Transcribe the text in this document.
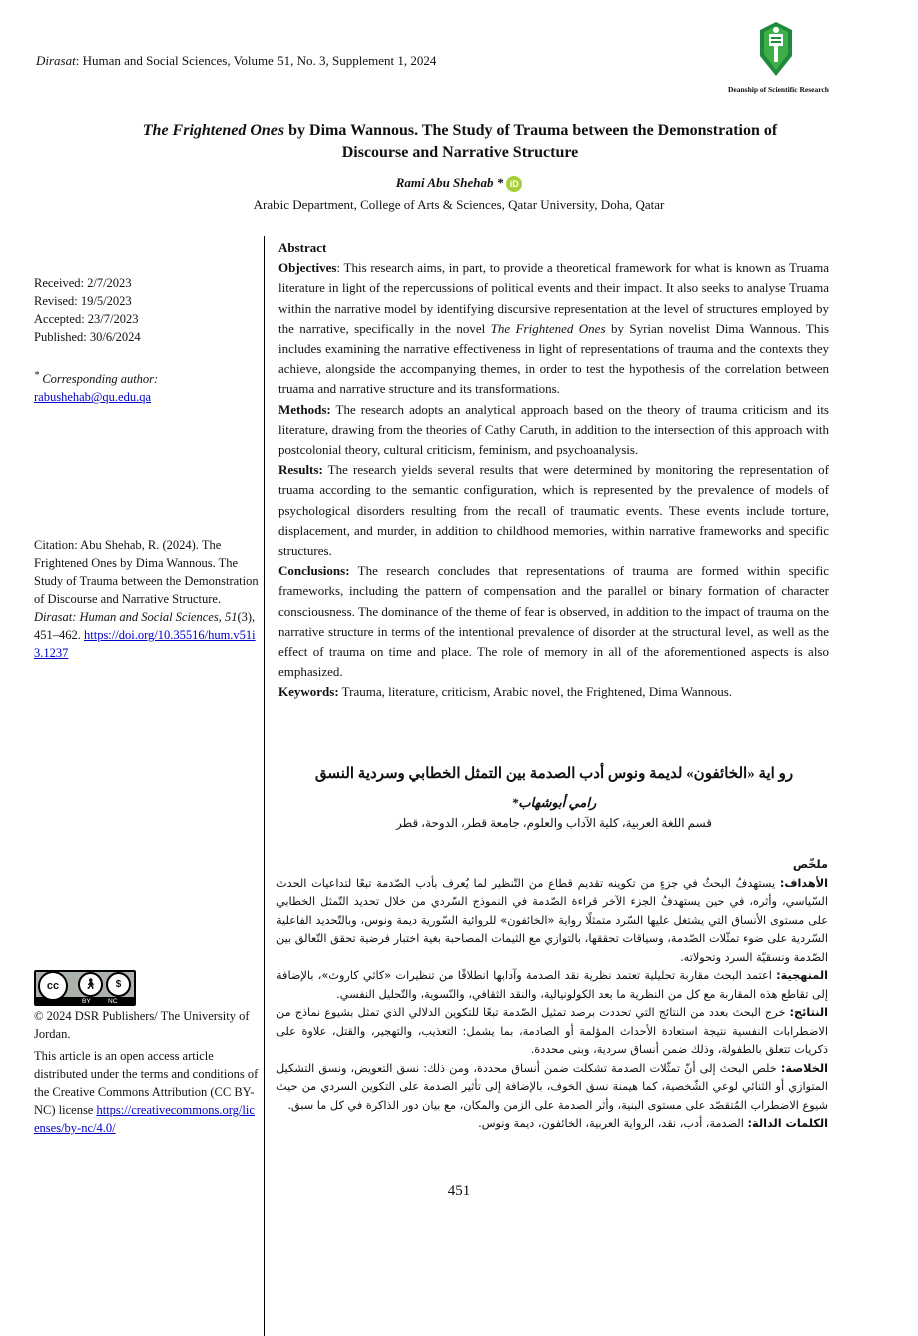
Dirasat: Human and Social Sciences, Volume 51, No. 3, Supplement 1, 2024
Deanship of Scientific Research
The Frightened Ones by Dima Wannous. The Study of Trauma between the Demonstration of
Discourse and Narrative Structure
Rami Abu Shehab * iD
Arabic Department, College of Arts & Sciences, Qatar University, Doha, Qatar
Received: 2/7/2023
Revised: 19/5/2023
Accepted: 23/7/2023
Published: 30/6/2024
* Corresponding author:
rabushehab@qu.edu.qa
Citation: Abu Shehab, R. (2024). The Frightened Ones by Dima Wannous. The Study of Trauma between the Demonstration of Discourse and Narrative Structure. Dirasat: Human and Social Sciences, 51(3), 451–462. https://doi.org/10.35516/hum.v51i3.1237
cc	🚶︎	$
BY	NC
© 2024 DSR Publishers/ The University of Jordan.
This article is an open access article distributed under the terms and conditions of the Creative Commons Attribution (CC BY-NC) license https://creativecommons.org/licenses/by-nc/4.0/
Abstract
Objectives: This research aims, in part, to provide a theoretical framework for what is known as Truama literature in light of the repercussions of political events and their impact. It also seeks to analyse Truama within the narrative model by identifying discursive representation at the level of structures employed by the narrative, specifically in the novel The Frightened Ones by Syrian novelist Dima Wannous. This includes examining the narrative effectiveness in light of representations of trauma and the contexts they achieve, alongside the accompanying themes, in order to test the hypothesis of the correlation between truama and narrative structure and its transformations.
Methods: The research adopts an analytical approach based on the theory of trauma criticism and its literature, drawing from the theories of Cathy Caruth, in addition to the intersection of this approach with postcolonial theory, cultural criticism, feminism, and psychoanalysis.
Results: The research yields several results that were determined by monitoring the representation of truama according to the semantic configuration, which is represented by the prevalence of models of psychological disorders resulting from the recall of traumatic events. These events include torture, displacement, and murder, in addition to childhood memories, within narrative frameworks and specific structures.
Conclusions: The research concludes that representations of trauma are formed within specific frameworks, including the pattern of compensation and the parallel or binary formation of character consciousness. The dominance of the theme of fear is observed, in addition to the impact of trauma on the narrative structure in terms of the intentional prevalence of disorder at the structural level, as well as the effect of trauma on time and place. The role of memory in all of the aforementioned aspects is also emphasized.
Keywords: Trauma, literature, criticism, Arabic novel, the Frightened, Dima Wannous.
رو اية «الخائفون» لديمة ونوس أدب الصدمة بين التمثل الخطابي وسردية النسق
رامي أبوشهاب*
قسم اللغة العربية، كلية الآداب والعلوم، جامعة قطر، الدوحة، قطر

ملخّص

الأهداف: يستهدفُ البحثُ في جزءٍ من تكوينه تقديم قطاع من التّنظير لما يُعرف بأدب الصّدمة تبعًا لتداعيات الحدث السّياسي، وأثره، في حين يستهدفُ الجزء الآخر قراءة الصّدمة في النموذج السّردي من خلال تحديد التّمثل الخطابي على مستوى الأنساق التي يشتغل عليها السّرد متمثلًا رواية «الخائفون» للروائية السّورية ديمة ونوس، وبالتّحديد الفاعلية السّردية على ضوء تمثّلات الصّدمة، وسياقات تحققها، بالتوازي مع الثيمات المصاحبة بغية اختبار فرضية تحقق التّعالق بين الصّدمة ونسقيّة السرد وتحولاته.

المنهجية: اعتمد البحث مقاربة تحليلية تعتمد نظرية نقد الصدمة وآدابها انطلاقًا من تنظيرات «كاثي كاروث»، بالإضافة إلى تقاطع هذه المقاربة مع كل من النظرية ما بعد الكولونيالية، والنقد الثقافي، والنّسوية، والتّحليل النفسي.

النتائج: خرج البحث بعدد من النتائج التي تحددت برصد تمثيل الصّدمة تبعًا للتكوين الدلالي الذي تمثل بشيوع نماذج من الاضطرابات النفسية نتيجة استعادة الأحداث المؤلمة أو الصادمة، بما يشمل: التعذيب، والتهجير، والقتل، علاوة على ذكريات تتعلق بالطفولة، وذلك ضمن أنساق سردية، وبنى محددة.

الخلاصة: خلص البحث إلى أنّ تمثّلات الصدمة تشكلت ضمن أنساق محددة، ومن ذلك: نسق التعويض، ونسق التشكيل المتوازي أو الثنائي لوعي الشّخصية، كما هيمنة نسق الخوف، بالإضافة إلى تأثير الصدمة على التكوين السردي من حيث شيوع الاضطراب المُتقصّد على مستوى البنية، وأثر الصدمة على الزمن والمكان، مع بيان دور الذاكرة في كل ما سبق.

الكلمات الدالة: الصدمة، أدب، نقد، الرواية العربية، الخائفون، ديمة ونوس.

451
